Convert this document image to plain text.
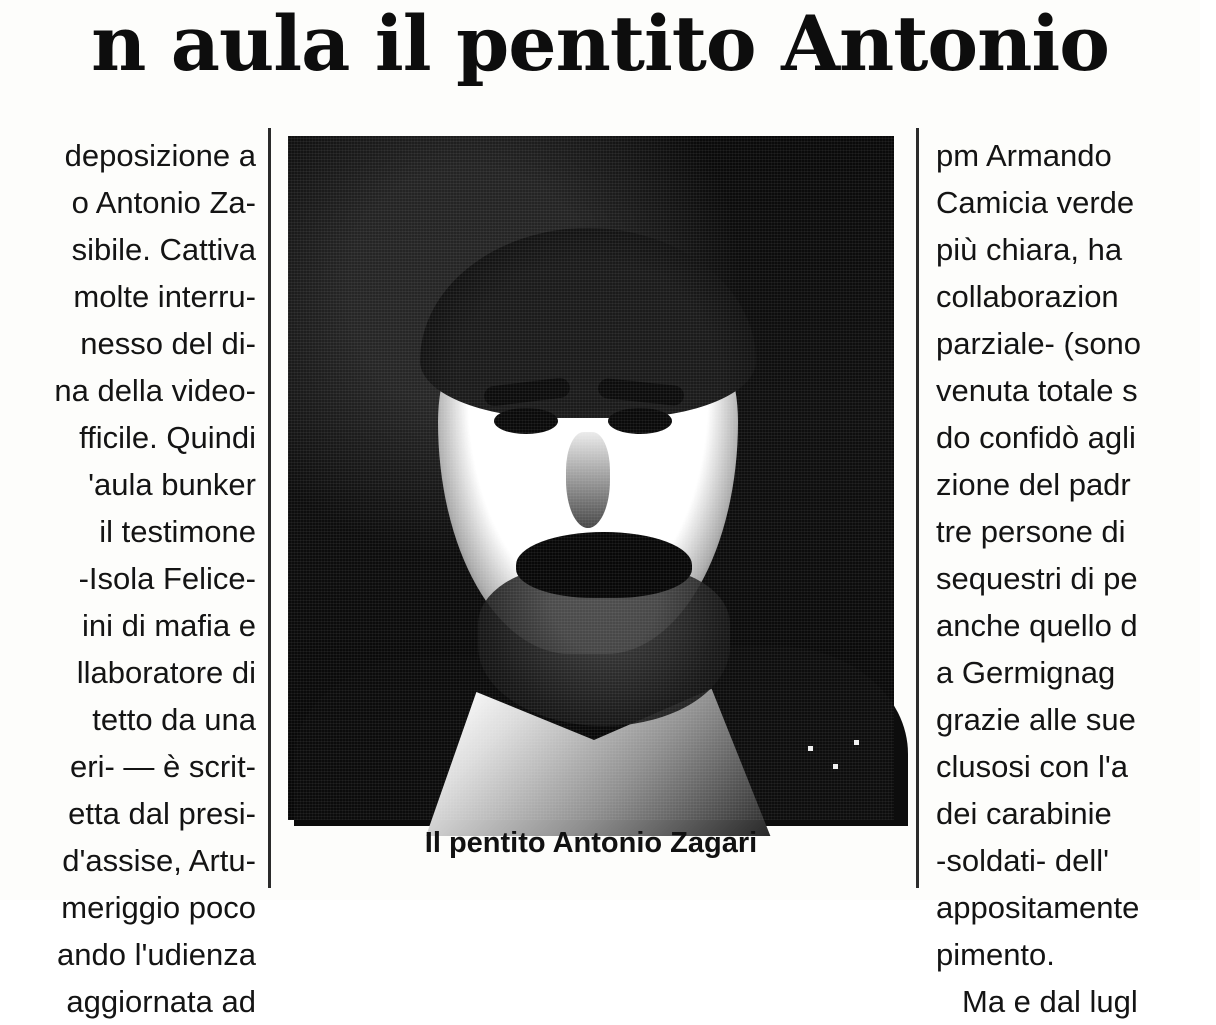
n aula il pentito Antonio
deposizione a
o Antonio Za-
sibile. Cattiva
molte interru-
nesso del di-
na della video-
fficile. Quindi
'aula bunker
il testimone
-Isola Felice-
ini di mafia e
llaboratore di
tetto da una
eri- — è scrit-
etta dal presi-
d'assise, Artu-
meriggio poco
ando l'udienza
aggiornata ad
pm Armando
Camicia verde
più chiara, ha
collaborazion
parziale- (sono
venuta totale s
do confidò agli
zione del padr
tre persone di
sequestri di pe
anche quello d
a Germignag
grazie alle sue
clusosi con l'a
dei carabinie
-soldati- dell'
appositamente
pimento.
Ma e dal lugl
Il pentito Antonio Zagari
